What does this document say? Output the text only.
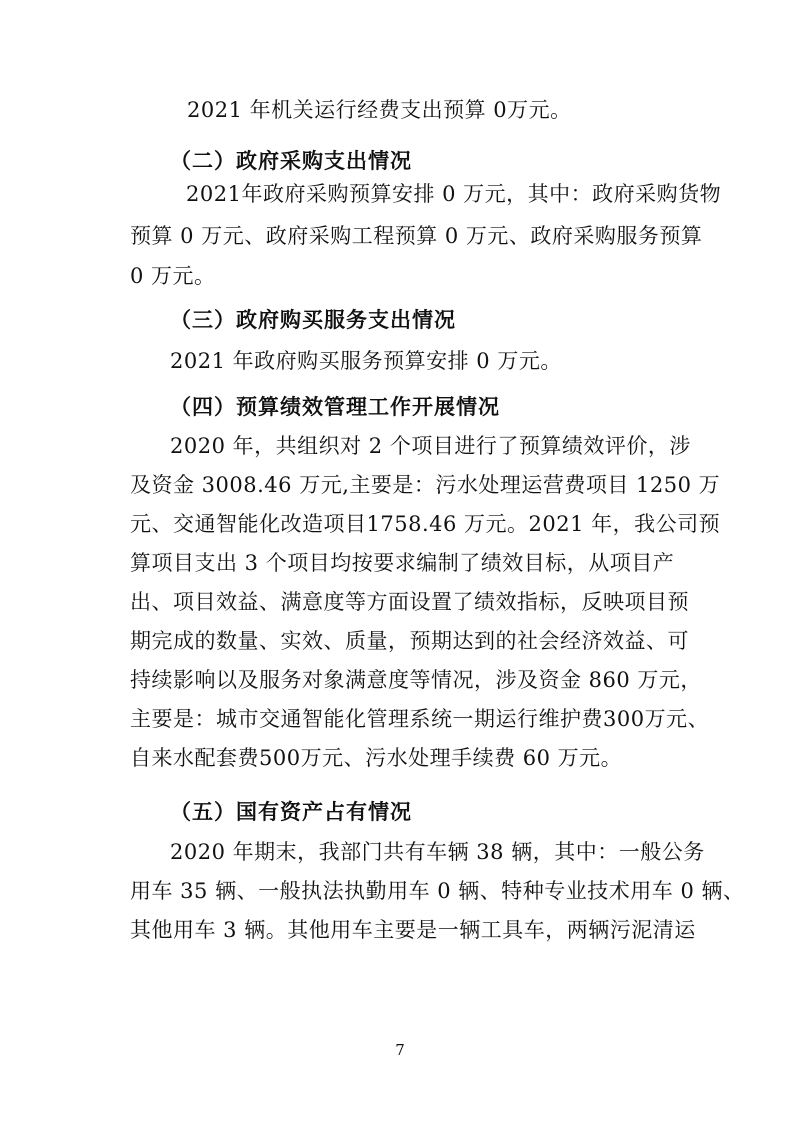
2021 年机关运行经费支出预算 0万元。
（二）政府采购支出情况
2021年政府采购预算安排 0 万元，其中：政府采购货物
预算 0 万元、政府采购工程预算 0 万元、政府采购服务预算
0 万元。
（三）政府购买服务支出情况
2021 年政府购买服务预算安排 0 万元。
（四）预算绩效管理工作开展情况
2020 年，共组织对 2 个项目进行了预算绩效评价，涉
及资金 3008.46 万元,主要是：污水处理运营费项目 1250 万
元、交通智能化改造项目1758.46 万元。2021 年，我公司预
算项目支出 3 个项目均按要求编制了绩效目标，从项目产
出、项目效益、满意度等方面设置了绩效指标，反映项目预
期完成的数量、实效、质量，预期达到的社会经济效益、可
持续影响以及服务对象满意度等情况，涉及资金 860 万元，
主要是：城市交通智能化管理系统一期运行维护费300万元、
自来水配套费500万元、污水处理手续费 60 万元。
（五）国有资产占有情况
2020 年期末，我部门共有车辆 38 辆，其中：一般公务
用车 35 辆、一般执法执勤用车 0 辆、特种专业技术用车 0 辆、
其他用车 3 辆。其他用车主要是一辆工具车，两辆污泥清运
7
